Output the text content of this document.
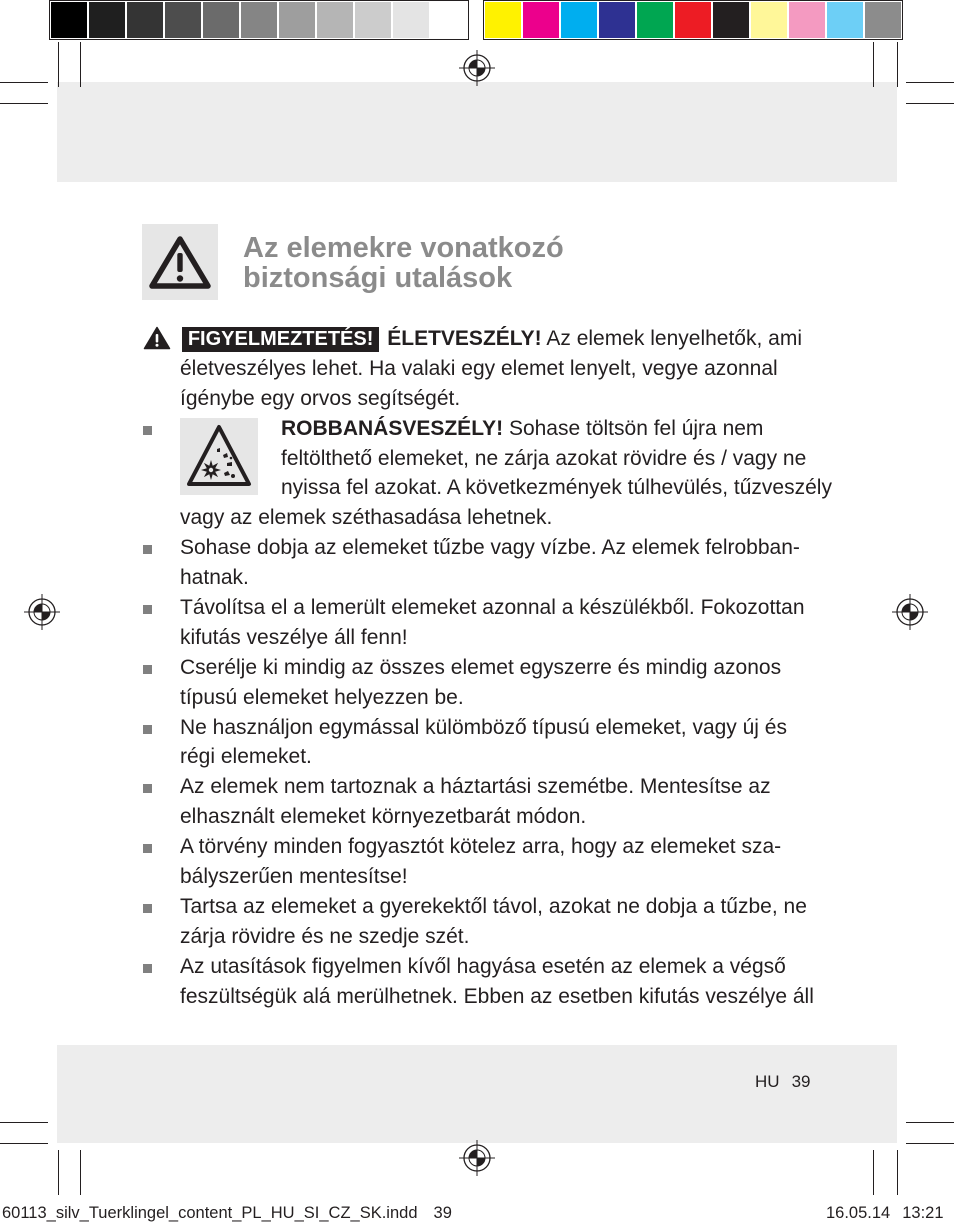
Az elemekre vonatkozó
biztonsági utalások
FIGYELMEZTETÉS! ÉLETVESZÉLY! Az elemek lenyelhetők, ami
életveszélyes lehet. Ha valaki egy elemet lenyelt, vegye azonnal
ígénybe egy orvos segítségét.
ROBBANÁSVESZÉLY! Sohase töltsön fel újra nem
feltölthető elemeket, ne zárja azokat rövidre és / vagy ne
nyissa fel azokat. A következmények túlhevülés, tűzveszély
vagy az elemek széthasadása lehetnek.
Sohase dobja az elemeket tűzbe vagy vízbe. Az elemek felrobban-
hatnak.
Távolítsa el a lemerült elemeket azonnal a készülékből. Fokozottan
kifutás veszélye áll fenn!
Cserélje ki mindig az összes elemet egyszerre és mindig azonos
típusú elemeket helyezzen be.
Ne használjon egymással külömböző típusú elemeket, vagy új és
régi elemeket.
Az elemek nem tartoznak a háztartási szemétbe. Mentesítse az
elhasznált elemeket környezetbarát módon.
A törvény minden fogyasztót kötelez arra, hogy az elemeket sza-
bályszerűen mentesítse!
Tartsa az elemeket a gyerekektől távol, azokat ne dobja a tűzbe, ne
zárja rövidre és ne szedje szét.
Az utasítások figyelmen kívől hagyása esetén az elemek a végső
feszültségük alá merülhetnek. Ebben az esetben kifutás veszélye áll
HU 39
60113_silv_Tuerklingel_content_PL_HU_SI_CZ_SK.indd 39	16.05.14 13:21
